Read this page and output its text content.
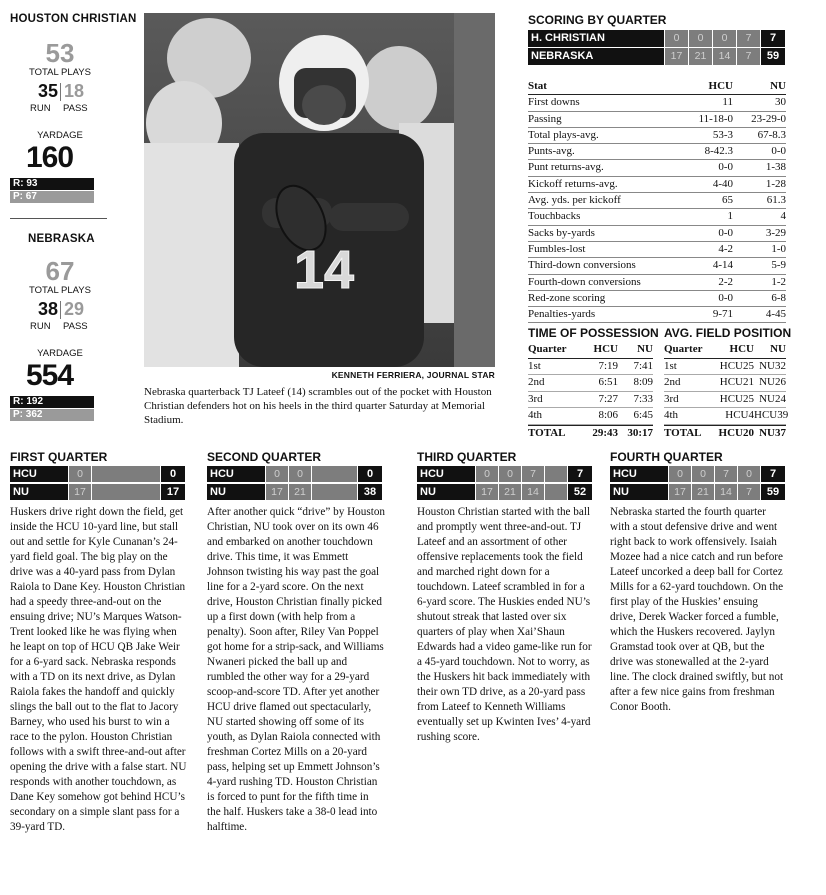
HOUSTON CHRISTIAN
53
TOTAL PLAYS
35 18
RUN PASS
YARDAGE
160
R: 93
P: 67
NEBRASKA
67
TOTAL PLAYS
38 29
RUN PASS
YARDAGE
554
R: 192
P: 362
14
KENNETH FERRIERA, JOURNAL STAR
Nebraska quarterback TJ Lateef (14) scrambles out of the pocket with Houston Christian defenders hot on his heels in the third quarter Saturday at Memorial Stadium.
SCORING BY QUARTER
H. CHRISTIAN	0	0	0	7	7
NEBRASKA	17	21	14	7	59
Stat	HCU	NU
First downs	11	30
Passing	11-18-0	23-29-0
Total plays-avg.	53-3	67-8.3
Punts-avg.	8-42.3	0-0
Punt returns-avg.	0-0	1-38
Kickoff returns-avg.	4-40	1-28
Avg. yds. per kickoff	65	61.3
Touchbacks	1	4
Sacks by-yards	0-0	3-29
Fumbles-lost	4-2	1-0
Third-down conversions	4-14	5-9
Fourth-down conversions	2-2	1-2
Red-zone scoring	0-0	6-8
Penalties-yards	9-71	4-45
TIME OF POSSESSION
Quarter	HCU	NU
1st	7:19	7:41
2nd	6:51	8:09
3rd	7:27	7:33
4th	8:06	6:45
TOTAL	29:43 30:17
AVG. FIELD POSITION
Quarter	HCU	NU
1st	HCU25 NU32
2nd	HCU21 NU26
3rd	HCU25 NU24
4th	HCU4 HCU39
TOTAL	HCU20 NU37
FIRST QUARTER
HCU	0	0
NU	17	17
Huskers drive right down the field, get inside the HCU 10-yard line, but stall out and settle for Kyle Cunanan’s 24-yard field goal. The big play on the drive was a 40-yard pass from Dylan Raiola to Dane Key. Houston Christian had a speedy three-and-out on the ensuing drive; NU’s Marques Watson-Trent looked like he was flying when he leapt on top of HCU QB Jake Weir for a 6-yard sack. Nebraska responds with a TD on its next drive, as Dylan Raiola fakes the handoff and quickly slings the ball out to the flat to Jacory Barney, who used his burst to win a race to the pylon. Houston Christian follows with a swift three-and-out after opening the drive with a false start. NU responds with another touchdown, as Dane Key somehow got behind HCU’s secondary on a simple slant pass for a 39-yard TD.
SECOND QUARTER
HCU	0	0	0
NU	17	21	38
After another quick “drive” by Houston Christian, NU took over on its own 46 and embarked on another touchdown drive. This time, it was Emmett Johnson twisting his way past the goal line for a 2-yard score. On the next drive, Houston Christian finally picked up a first down (with help from a penalty). Soon after, Riley Van Poppel got home for a strip-sack, and Williams Nwaneri picked the ball up and rumbled the other way for a 29-yard scoop-and-score TD. After yet another HCU drive flamed out spectacularly, NU started showing off some of its youth, as Dylan Raiola connected with freshman Cortez Mills on a 20-yard pass, helping set up Emmett Johnson’s 4-yard rushing TD. Houston Christian is forced to punt for the fifth time in the half. Huskers take a 38-0 lead into halftime.
THIRD QUARTER
HCU	0	0	7	7
NU	17	21	14	52
Houston Christian started with the ball and promptly went three-and-out. TJ Lateef and an assortment of other offensive replacements took the field and marched right down for a touchdown. Lateef scrambled in for a 6-yard score. The Huskies ended NU’s shutout streak that lasted over six quarters of play when Xai’Shaun Edwards had a video game-like run for a 45-yard touchdown. Not to worry, as the Huskers hit back immediately with their own TD drive, as a 20-yard pass from Lateef to Kenneth Williams eventually set up Kwinten Ives’ 4-yard rushing score.
FOURTH QUARTER
HCU	0	0	7	0	7
NU	17	21	14	7	59
Nebraska started the fourth quarter with a stout defensive drive and went right back to work offensively. Isaiah Mozee had a nice catch and run before Lateef uncorked a deep ball for Cortez Mills for a 62-yard touchdown. On the first play of the Huskies’ ensuing drive, Derek Wacker forced a fumble, which the Huskers recovered. Jaylyn Gramstad took over at QB, but the drive was stonewalled at the 2-yard line. The clock drained swiftly, but not after a few nice gains from freshman Conor Booth.
